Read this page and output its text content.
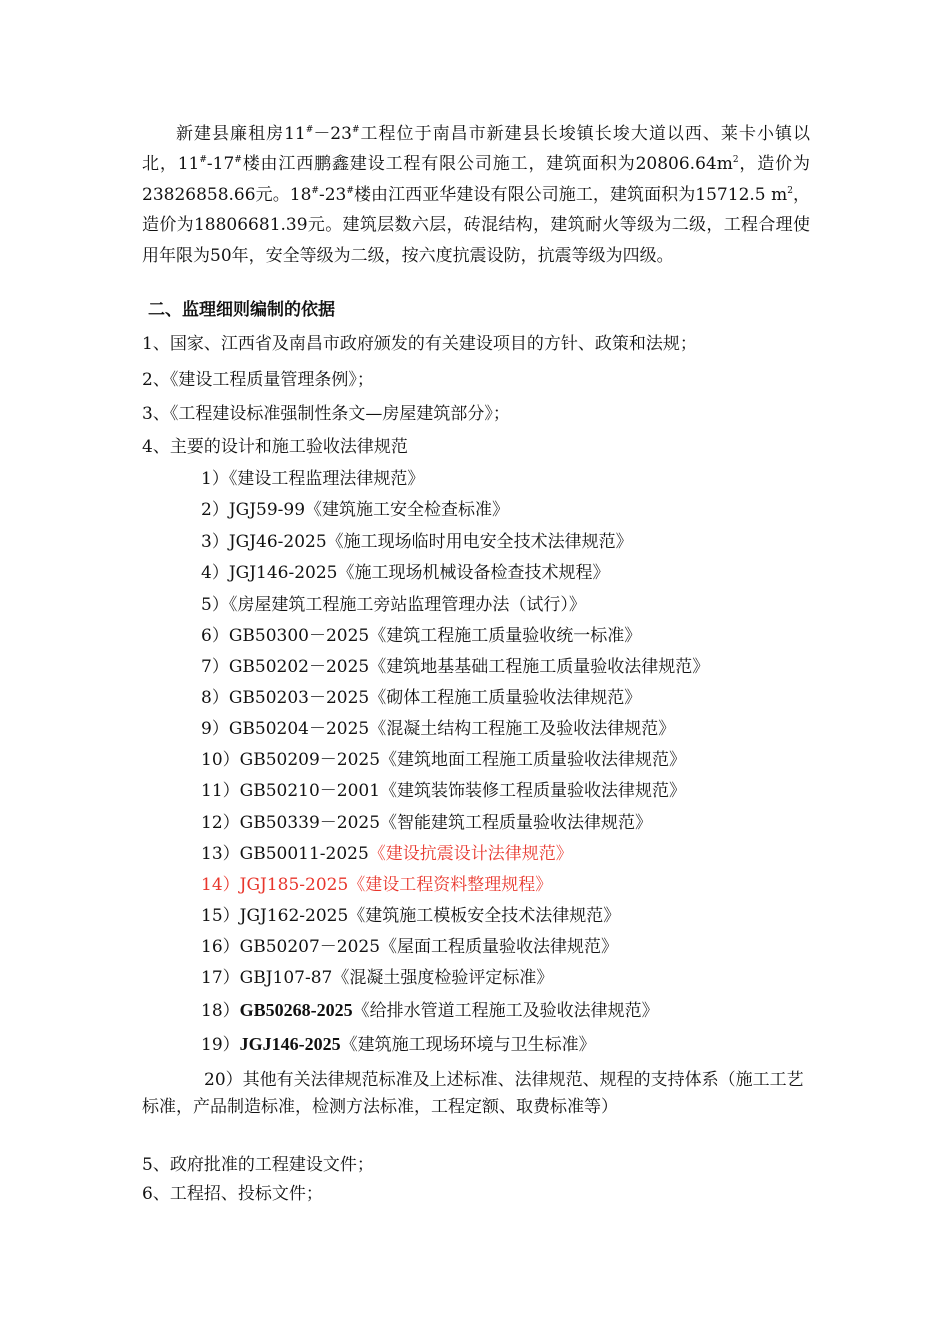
新建县廉租房11#－23#工程位于南昌市新建县长埈镇长埈大道以西、莱卡小镇以北，11#-17#楼由江西鹏鑫建设工程有限公司施工，建筑面积为$20806.64m^2$，造价为23826858.66元。18#-23#楼由江西亚华建设有限公司施工，建筑面积为15712.5 $m^2$，造价为18806681.39元。建筑层数六层，砖混结构，建筑耐火等级为二级，工程合理使用年限为50年，安全等级为二级，按六度抗震设防，抗震等级为四级。

二、监理细则编制的依据

1、国家、江西省及南昌市政府颁发的有关建设项目的方针、政策和法规；

2、《建设工程质量管理条例》；

3、《工程建设标准强制性条文—房屋建筑部分》；

4、主要的设计和施工验收法律规范

1）《建设工程监理法律规范》

2）JGJ59-99《建筑施工安全检查标准》

3）JGJ46-2025《施工现场临时用电安全技术法律规范》

4）JGJ146-2025《施工现场机械设备检查技术规程》

5）《房屋建筑工程施工旁站监理管理办法（试行）》

6）GB50300－2025《建筑工程施工质量验收统一标准》

7）GB50202－2025《建筑地基基础工程施工质量验收法律规范》

8）GB50203－2025《砌体工程施工质量验收法律规范》

9）GB50204－2025《混凝土结构工程施工及验收法律规范》

10）GB50209－2025《建筑地面工程施工质量验收法律规范》

11）GB50210－2001《建筑装饰装修工程质量验收法律规范》

12）GB50339－2025《智能建筑工程质量验收法律规范》

13）GB50011-2025《建设抗震设计法律规范》

14）JGJ185-2025《建设工程资料整理规程》

15）JGJ162-2025《建筑施工模板安全技术法律规范》

16）GB50207－2025《屋面工程质量验收法律规范》

17）GBJ107-87《混凝土强度检验评定标准》

18）GB50268-2025《给排水管道工程施工及验收法律规范》

19）JGJ146-2025《建筑施工现场环境与卫生标准》

20）其他有关法律规范标准及上述标准、法律规范、规程的支持体系（施工工艺标准，产品制造标准，检测方法标准，工程定额、取费标准等）

5、政府批准的工程建设文件；

6、工程招、投标文件；
